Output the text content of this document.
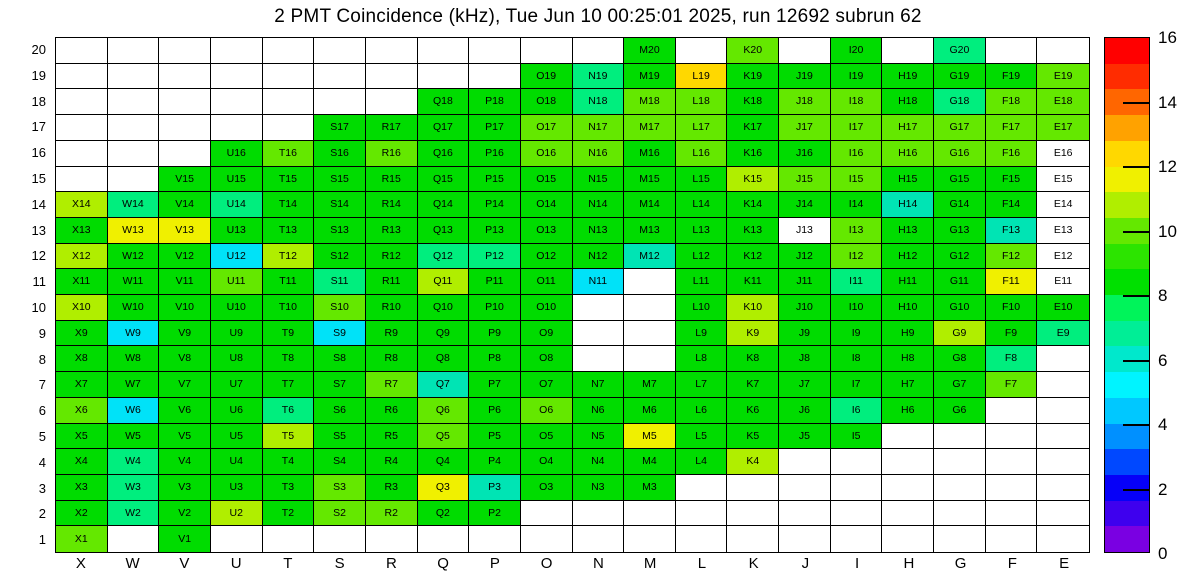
2 PMT Coincidence (kHz), Tue Jun 10 00:25:01 2025, run 12692 subrun 62
M20	K20	I20	G20
O19	N19	M19	L19	K19	J19	I19	H19	G19	F19	E19
Q18	P18	O18	N18	M18	L18	K18	J18	I18	H18	G18	F18	E18
S17	R17	Q17	P17	O17	N17	M17	L17	K17	J17	I17	H17	G17	F17	E17
U16	T16	S16	R16	Q16	P16	O16	N16	M16	L16	K16	J16	I16	H16	G16	F16	E16
V15	U15	T15	S15	R15	Q15	P15	O15	N15	M15	L15	K15	J15	I15	H15	G15	F15	E15
X14	W14	V14	U14	T14	S14	R14	Q14	P14	O14	N14	M14	L14	K14	J14	I14	H14	G14	F14	E14
X13	W13	V13	U13	T13	S13	R13	Q13	P13	O13	N13	M13	L13	K13	J13	I13	H13	G13	F13	E13
X12	W12	V12	U12	T12	S12	R12	Q12	P12	O12	N12	M12	L12	K12	J12	I12	H12	G12	F12	E12
X11	W11	V11	U11	T11	S11	R11	Q11	P11	O11	N11	L11	K11	J11	I11	H11	G11	F11	E11
X10	W10	V10	U10	T10	S10	R10	Q10	P10	O10	L10	K10	J10	I10	H10	G10	F10	E10
X9	W9	V9	U9	T9	S9	R9	Q9	P9	O9	L9	K9	J9	I9	H9	G9	F9	E9
X8	W8	V8	U8	T8	S8	R8	Q8	P8	O8	L8	K8	J8	I8	H8	G8	F8
X7	W7	V7	U7	T7	S7	R7	Q7	P7	O7	N7	M7	L7	K7	J7	I7	H7	G7	F7
X6	W6	V6	U6	T6	S6	R6	Q6	P6	O6	N6	M6	L6	K6	J6	I6	H6	G6
X5	W5	V5	U5	T5	S5	R5	Q5	P5	O5	N5	M5	L5	K5	J5	I5
X4	W4	V4	U4	T4	S4	R4	Q4	P4	O4	N4	M4	L4	K4
X3	W3	V3	U3	T3	S3	R3	Q3	P3	O3	N3	M3
X2	W2	V2	U2	T2	S2	R2	Q2	P2
X1	V1
20
19
18
17
16
15
14
13
12
11
10
9
8
7
6
5
4
3
2
1
X	W	V	U	T	S	R	Q	P	O	N	M	L	K	J	I	H	G	F	E
16
14
12
10
8
6
4
2
0
